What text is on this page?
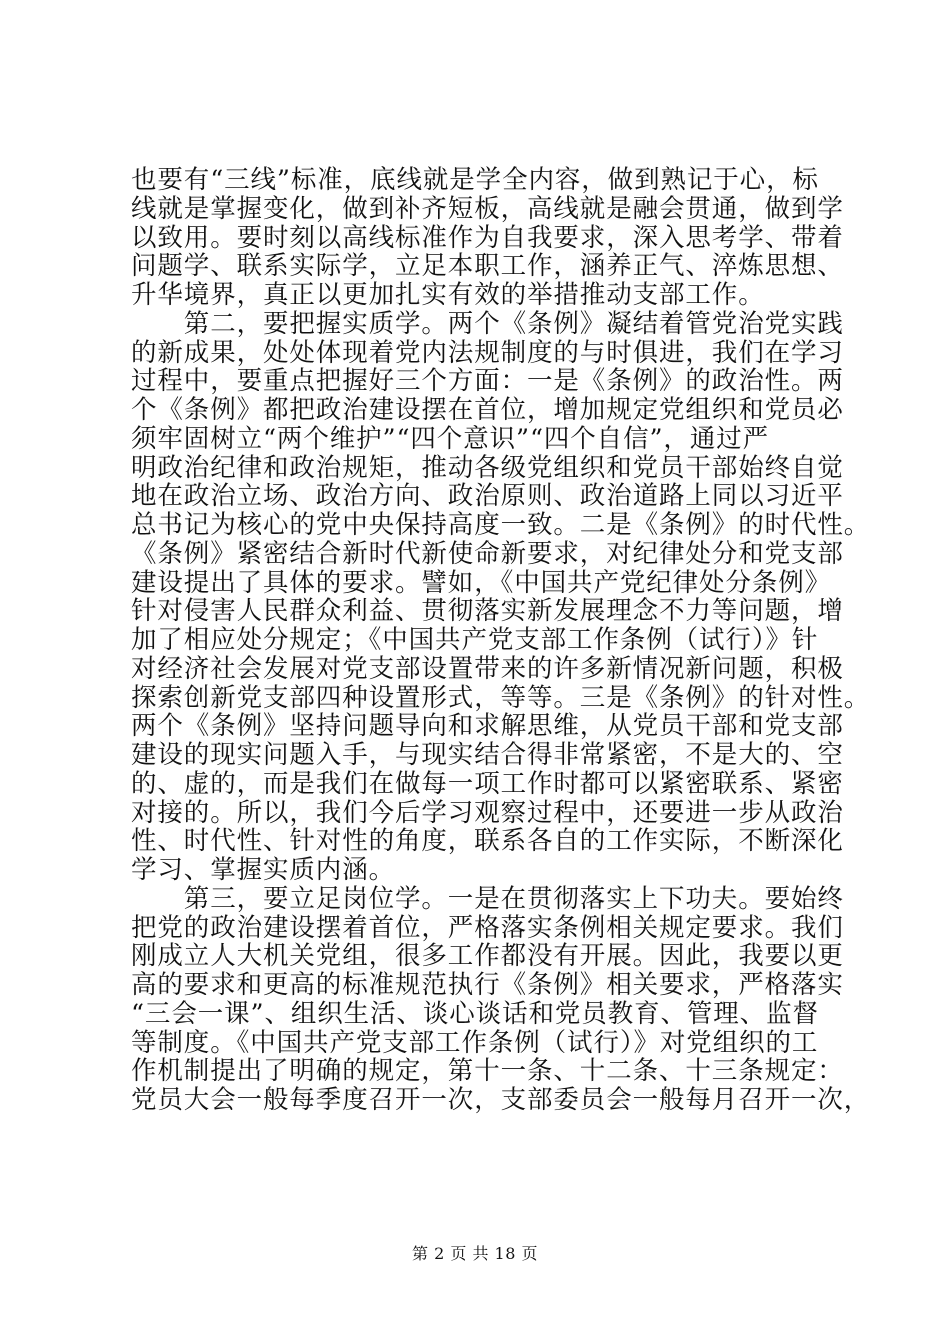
也要有“三线”标准，底线就是学全内容，做到熟记于心，标
线就是掌握变化，做到补齐短板，高线就是融会贯通，做到学
以致用。要时刻以高线标准作为自我要求，深入思考学、带着
问题学、联系实际学，立足本职工作，涵养正气、淬炼思想、
升华境界，真正以更加扎实有效的举措推动支部工作。
　　第二，要把握实质学。两个《条例》凝结着管党治党实践
的新成果，处处体现着党内法规制度的与时俱进，我们在学习
过程中，要重点把握好三个方面：一是《条例》的政治性。两
个《条例》都把政治建设摆在首位，增加规定党组织和党员必
须牢固树立“两个维护”“四个意识”“四个自信”，通过严
明政治纪律和政治规矩，推动各级党组织和党员干部始终自觉
地在政治立场、政治方向、政治原则、政治道路上同以习近平
总书记为核心的党中央保持高度一致。二是《条例》的时代性。
《条例》紧密结合新时代新使命新要求，对纪律处分和党支部
建设提出了具体的要求。譬如，《中国共产党纪律处分条例》
针对侵害人民群众利益、贯彻落实新发展理念不力等问题，增
加了相应处分规定；《中国共产党支部工作条例（试行）》针
对经济社会发展对党支部设置带来的许多新情况新问题，积极
探索创新党支部四种设置形式，等等。三是《条例》的针对性。
两个《条例》坚持问题导向和求解思维，从党员干部和党支部
建设的现实问题入手，与现实结合得非常紧密，不是大的、空
的、虚的，而是我们在做每一项工作时都可以紧密联系、紧密
对接的。所以，我们今后学习观察过程中，还要进一步从政治
性、时代性、针对性的角度，联系各自的工作实际，不断深化
学习、掌握实质内涵。
　　第三，要立足岗位学。一是在贯彻落实上下功夫。要始终
把党的政治建设摆着首位，严格落实条例相关规定要求。我们
刚成立人大机关党组，很多工作都没有开展。因此，我要以更
高的要求和更高的标准规范执行《条例》相关要求，严格落实
“三会一课”、组织生活、谈心谈话和党员教育、管理、监督
等制度。《中国共产党支部工作条例（试行）》对党组织的工
作机制提出了明确的规定，第十一条、十二条、十三条规定：
党员大会一般每季度召开一次，支部委员会一般每月召开一次，
第 2 页 共 18 页
